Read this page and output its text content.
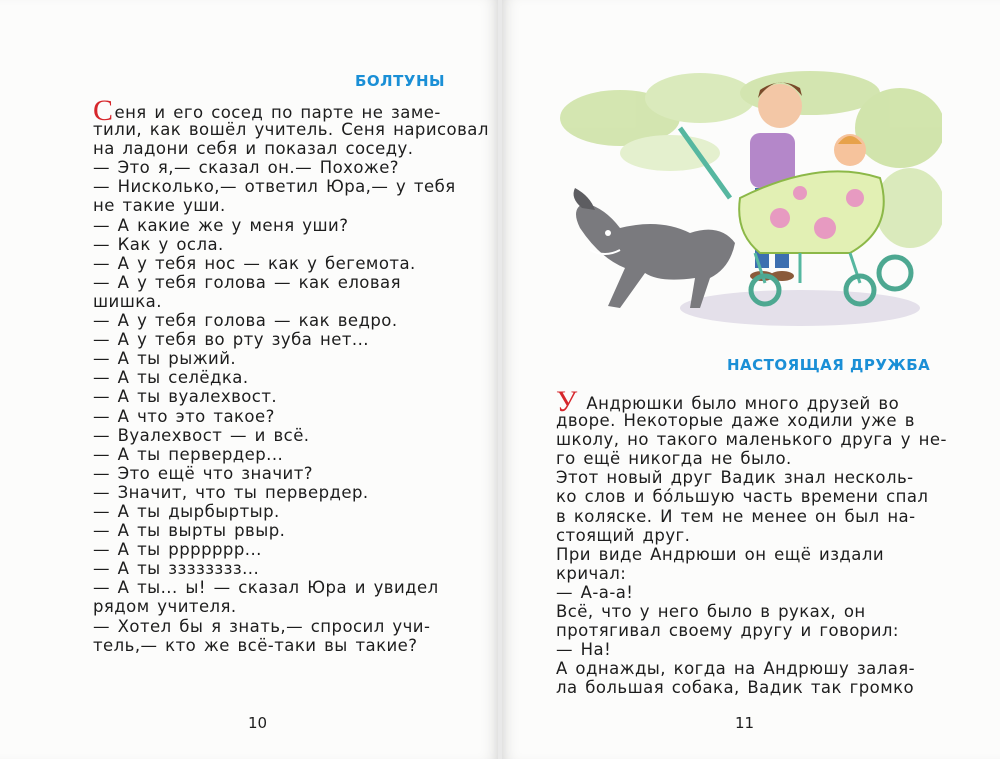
БОЛТУНЫ
Сеня и его сосед по парте не заме-
тили, как вошёл учитель. Сеня нарисовал
на ладони себя и показал соседу.
— Это я,— сказал он.— Похоже?
— Нисколько,— ответил Юра,— у тебя
не такие уши.
— А какие же у меня уши?
— Как у осла.
— А у тебя нос — как у бегемота.
— А у тебя голова — как еловая
шишка.
— А у тебя голова — как ведро.
— А у тебя во рту зуба нет...
— А ты рыжий.
— А ты селёдка.
— А ты вуалехвост.
— А что это такое?
— Вуалехвост — и всё.
— А ты первердер...
— Это ещё что значит?
— Значит, что ты первердер.
— А ты дырбыртыр.
— А ты вырты рвыр.
— А ты ррррррр...
— А ты зззззззз...
— А ты... ы! — сказал Юра и увидел
рядом учителя.
— Хотел бы я знать,— спросил учи-
тель,— кто же всё-таки вы такие?
10
НАСТОЯЩАЯ ДРУЖБА
У Андрюшки было много друзей во
дворе. Некоторые даже ходили уже в
школу, но такого маленького друга у не-
го ещё никогда не было.
Этот новый друг Вадик знал несколь-
ко слов и бóльшую часть времени спал
в коляске. И тем не менее он был на-
стоящий друг.
При виде Андрюши он ещё издали
кричал:
— А-а-а!
Всё, что у него было в руках, он
протягивал своему другу и говорил:
— На!
А однажды, когда на Андрюшу залая-
ла большая собака, Вадик так громко
11
